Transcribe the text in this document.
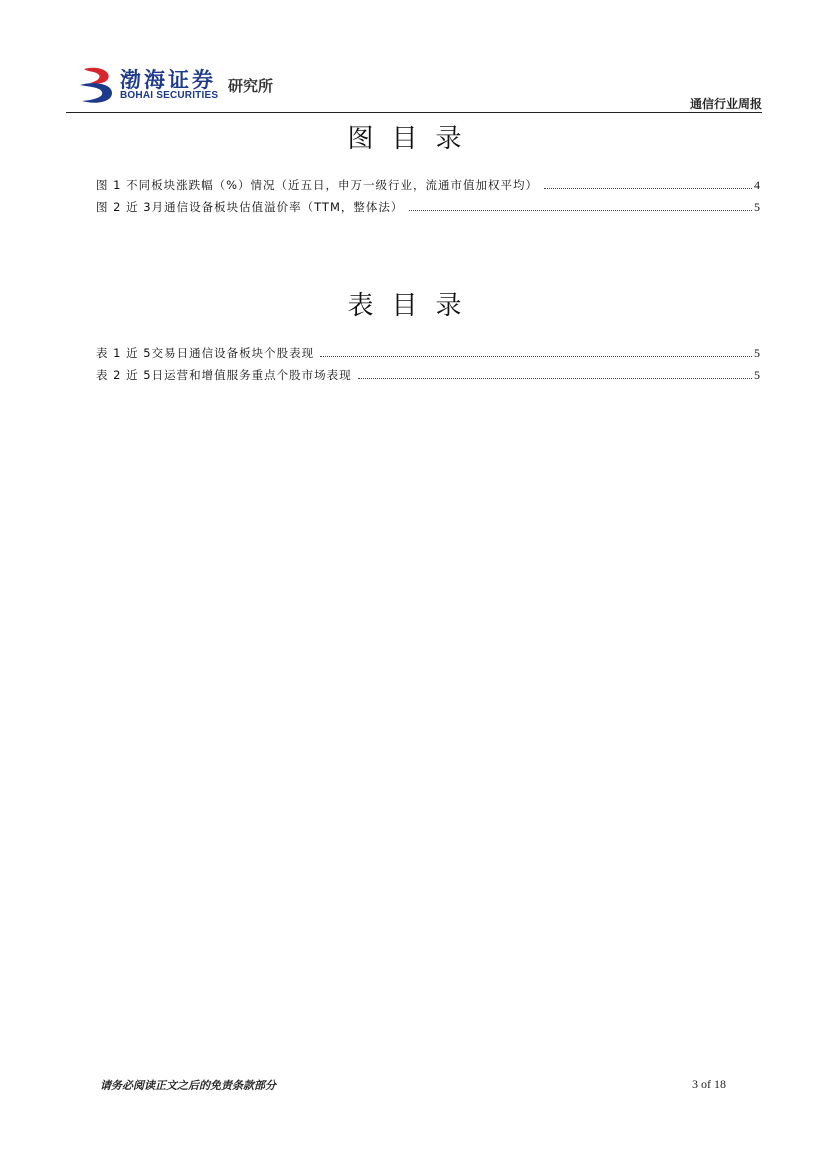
渤海证券
BOHAI SECURITIES
研究所
通信行业周报
图目录
图 1 不同板块涨跌幅（%）情况（近五日，申万一级行业，流通市值加权平均）	4
图 2 近 3月通信设备板块估值溢价率（TTM，整体法）	5
表目录
表 1 近 5交易日通信设备板块个股表现	5
表 2 近 5日运营和增值服务重点个股市场表现	5
请务必阅读正文之后的免责条款部分	3 of 18
